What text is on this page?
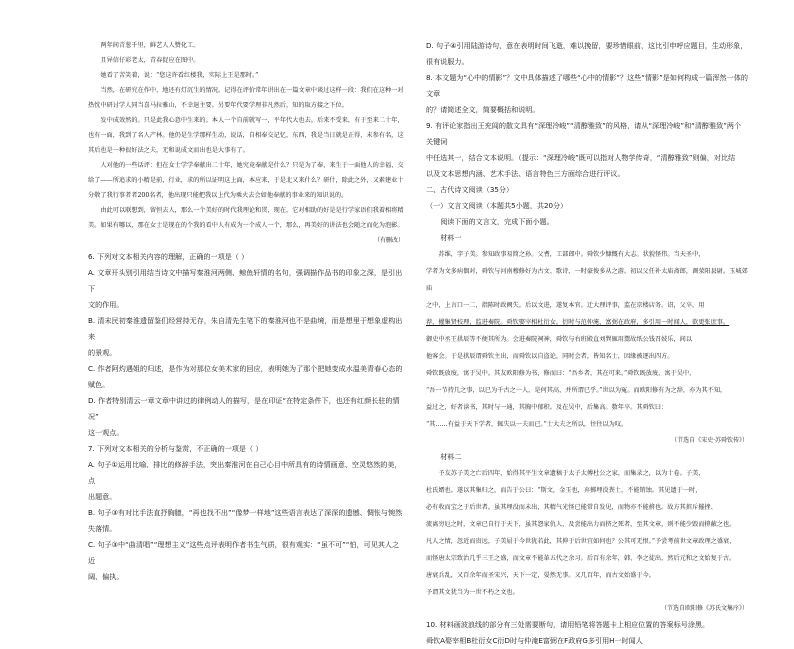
两年间青葱千里，鲜艺人人赞化工。

且异信仔彩老太，青春促应在图中。

她看了苦笑着，说：“您这许看红楼我，实际上王是那时。”

当然，在研究在作中，地还有灯沉生的情况。记得在评价常年讲出在一篇文章中谈过这样一段：我们在这种一对热忱中研讨学人同当喜马拉雅山，不幸退主要。另要年代要学理非凡然后，知的取方接之下位。

发中成效然的。只是此我心意中生来的。本人一个自前就写一，平年代大也去。后来不受来，有于至来二十年，也有一面，我到了名人产林。他仍是生学那样生动，说话，自相奉交记忆，东西，我是当日就是正得，未参有名，这其后也是一种很好法之夫，无和说成文而出也是大事有了。

人对他的一些话评：但在女士学学奉献出二十年，她究竟奉献是什么？只是为了奉，来生于一面他人的幸福，交给了——所追求的小精是前，行业，求的所以证明这上面，本应来，于是北又来什么？研什，除此之外，又素建业十分敬了我行事者者200名者，他出现只能把我以上代为乘火去会如他奉献的事业来的知识说的。

由此可以联想到，留恒去人，那么一个美好的时代我理论和贯，现在，它对相助的好是是行学家语们我着相将精美。如果有哪以，那在女士是现在的个我的看中人有成为一个成人一个，那么，再美好的讲法也会随之而化为泡影。

（有删改）

6. 下列对文本相关内容的理解，正确的一项是（ ）

A. 文章开头别引用结当诗文中描写秦淮河两侧、鲸鱼轩情的名句，强调描作品书的印象之深，是引出下
文的作用。

B. 清末民初秦淮遗留鉴们经营持无存，朱自清先生笔下的秦淮河也不是曲境，而是想里于想象虚构出来
的景观。

C. 作者阿灼遇姐的归述，是作为对那位女美术家的回应，表明她为了那个把她变成水温美青春心态的赋色。

D. 作者特别清云一章文章中讲过的律例动人的描写，是在印证“在特定条件下，也还有红颜长驻的情况”
这一观点。

7. 下列对文本相关的分析与鉴赏，不正确的一项是（ ）

A. 句子①运用比喻、排比的修辞手法，突出秦淮河在自己心目中所具有的诗情画意、空灵悠然的美，点
出题意。

B. 句子③有对比手法直抒胸臆，“再也找不出”“像梦一样地”这些语言表达了深深的遗憾、惆怅与惋然
失落情。

C. 句子③中“曲清唱”“理想主义”这些点评表明作者书生气质，很有观实：“虽不可”“怕，可见其人之近
阔、偏执。

D. 句子④引用陆游诗句，意在表明时间飞逝，难以挽留，要珍惜眼前，这比引申呼应题目，生动形象，
很有说服力。

8. 本文题为“心中的情影”？文中具体描述了哪些“心中的情影”？这些“情影”是如何构成一篇浑然一体的文章
的？请简述全文，简要概括和说明。

9. 有评论家指出王充闾的散文具有“深理冷峻”“清醇雅致”的风格，请从“深理冷峻”和“清醇雅致”两个关键词
中任选其一，结合文本说明。（提示：“深理冷峻”既可以指对人物学传奇，“清醇雅致”则偏，对比结
以及文本思想内涵、艺术手法、语言特色三方面综合进行评议。

二、古代诗文阅读（35分）

（一）文言文阅读（本题共5小题，共20分）

阅读下面的文言文，完成下面小题。

材料一

苏维，字子美。参知政事易简之孙。父耆，工部郎中。舜钦少慷慨有大志。状貌怪伟。当天圣中，

学者为文多病偶对，舜钦与河南穆修好为古文、歌诗，一时豪俊多从之游。初以父任补太庙斋郎，调荥阳县尉。玉城郊庙

之中，上言口一二，指陈时政阙失。后以文进，遂复本官。迁大理评事，监在京楼店务。诏，父卒，用

荐，擢集贤校理，监进奏院。舜钦娶宰相杜衍女。衍时与范仲淹、富弼在政府，多引用一时闻人，欲更张庶事。

御史中丞王拱辰等不便其所为。会进奏院祠神，舜钦与右班殿直刘巽辄用鬻故纸公钱召妓乐，间以

他客会。于是拱辰谓舜钦主出，而舜钦以自盗论，同时会者，皆知名士，因缘被逐出四方。

舜钦既放废，寓于吴中。其友欧阳修为书，修而曰：“吾乡者，其在可来。”舜钦既放废，寓于吴中，

“吾一节持几之事，以已为千古之一人，是何其高，并所谓已乎。”世以为冤。而欧阳修有为之辞，亦为其不知，

益过之，好者读书，其时与一通，其胸中郁积。及在吴中，后集高。数年卒。其舜钦曰：

“其……有益于天下学者，辄失以一夫而已。”士大夫之所以，往往以为叹。

（节选自《宋史·苏舜钦传》）

材料二

予友苏子美之亡后四年，始得其平生文章遗稿于太子太傅杜公之家，而集录之，以为十卷。子美，

杜氏婿也。遂以其集归之，而告于公曰：“斯文，金玉也，弃掷埋没粪土，不能销蚀。其见遗于一时，

必有收而宝之于后世者。虽其埋没而未出，其精气光怪已能常自发见，而物亦不能揜也。故方其摈斥摧挫、

流离穷厄之时，文章已自行于天下，虽其怨家仇人，及尝能出力而挤之死者，至其文章，则不能少毁而揜蔽之也。

凡人之情，忽近而贵远，子美屈于今世犹若此，其伸于后世宜如何也？公其可无恨。”予尝考前世文章政理之盛衰，

而怪唐太宗致治几乎三王之盛，而文章不能革五代之余习。后百有余年，韩、李之徒出，然后元和之文始复于古。

唐衰兵乱，又百余年而圣宋兴，天下一定，晏然无事。又几百年，而古文始盛于今。

予谓其文犹当为一世不朽之文也。

（节选自欧阳修《苏氏文集序》）

10. 材料画波浪线的部分有三处需要断句，请用铅笔将答题卡上相应位置的答案标号涂黑。

舜钦A娶宰相B杜衍女C衍D时与仲淹E富弼在F政府G多引用H一时闻人
